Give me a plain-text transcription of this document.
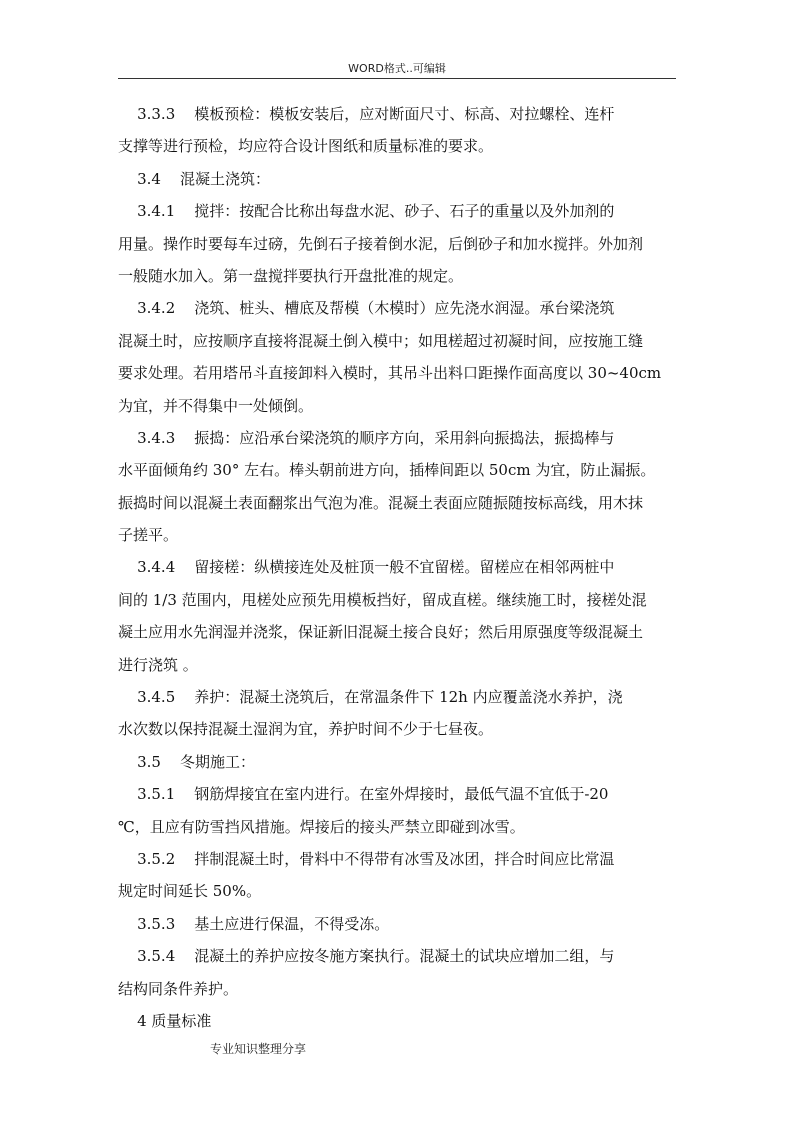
WORD格式..可编辑
3.3.3    模板预检：模板安装后，应对断面尺寸、标高、对拉螺栓、连杆
支撑等进行预检，均应符合设计图纸和质量标准的要求。
3.4    混凝土浇筑：
3.4.1    搅拌：按配合比称出每盘水泥、砂子、石子的重量以及外加剂的
用量。操作时要每车过磅，先倒石子接着倒水泥，后倒砂子和加水搅拌。外加剂
一般随水加入。第一盘搅拌要执行开盘批准的规定。
3.4.2    浇筑、桩头、槽底及帮模（木模时）应先浇水润湿。承台梁浇筑
混凝土时，应按顺序直接将混凝土倒入模中；如甩槎超过初凝时间，应按施工缝
要求处理。若用塔吊斗直接卸料入模时，其吊斗出料口距操作面高度以 30~40cm
为宜，并不得集中一处倾倒。
3.4.3    振捣：应沿承台梁浇筑的顺序方向，采用斜向振捣法，振捣棒与
水平面倾角约 30° 左右。棒头朝前进方向，插棒间距以 50cm 为宜，防止漏振。
振捣时间以混凝土表面翻浆出气泡为准。混凝土表面应随振随按标高线，用木抹
子搓平。
3.4.4    留接槎：纵横接连处及桩顶一般不宜留槎。留槎应在相邻两桩中
间的 1/3 范围内，甩槎处应预先用模板挡好，留成直槎。继续施工时，接槎处混
凝土应用水先润湿并浇浆，保证新旧混凝土接合良好；然后用原强度等级混凝土
进行浇筑 。
3.4.5    养护：混凝土浇筑后，在常温条件下 12h 内应覆盖浇水养护，浇
水次数以保持混凝土湿润为宜，养护时间不少于七昼夜。
3.5    冬期施工：
3.5.1    钢筋焊接宜在室内进行。在室外焊接时，最低气温不宜低于-20
℃，且应有防雪挡风措施。焊接后的接头严禁立即碰到冰雪。
3.5.2    拌制混凝土时，骨料中不得带有冰雪及冰团，拌合时间应比常温
规定时间延长 50%。
3.5.3    基土应进行保温，不得受冻。
3.5.4    混凝土的养护应按冬施方案执行。混凝土的试块应增加二组，与
结构同条件养护。
4 质量标准
专业知识整理分享
